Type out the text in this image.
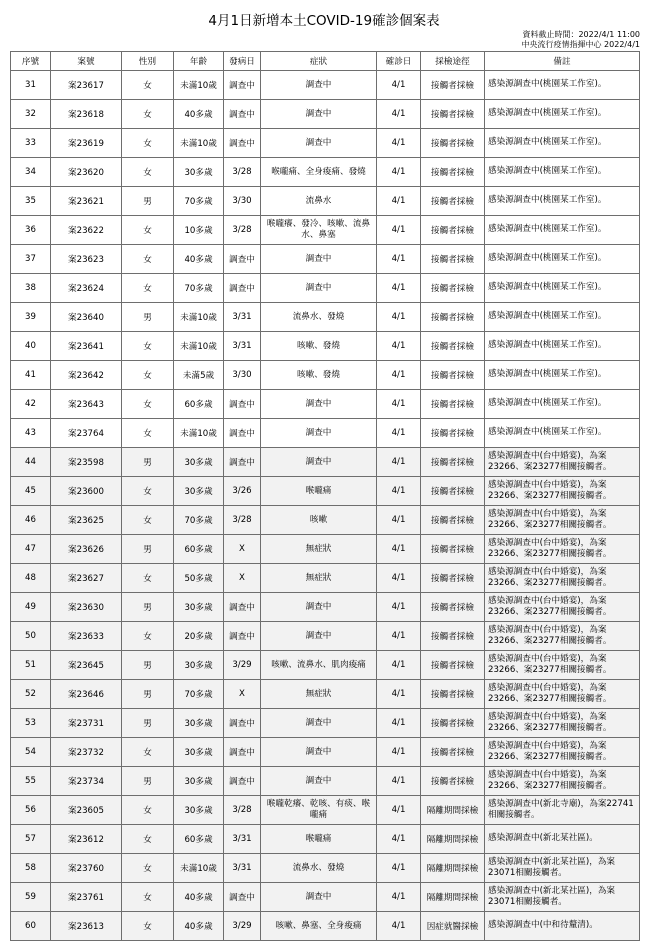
4月1日新增本土COVID-19確診個案表
資料截止時間：2022/4/1 11:00
中央流行疫情指揮中心 2022/4/1
序號	案號	性別	年齡	發病日	症狀	確診日	採檢途徑	備註
31	案23617	女	未滿10歲	調查中	調查中	4/1	接觸者採檢	感染源調查中(桃園某工作室)。
32	案23618	女	40多歲	調查中	調查中	4/1	接觸者採檢	感染源調查中(桃園某工作室)。
33	案23619	女	未滿10歲	調查中	調查中	4/1	接觸者採檢	感染源調查中(桃園某工作室)。
34	案23620	女	30多歲	3/28	喉嚨痛、全身痠痛、發燒	4/1	接觸者採檢	感染源調查中(桃園某工作室)。
35	案23621	男	70多歲	3/30	流鼻水	4/1	接觸者採檢	感染源調查中(桃園某工作室)。
36	案23622	女	10多歲	3/28	喉嚨癢、發冷、咳嗽、流鼻水、鼻塞	4/1	接觸者採檢	感染源調查中(桃園某工作室)。
37	案23623	女	40多歲	調查中	調查中	4/1	接觸者採檢	感染源調查中(桃園某工作室)。
38	案23624	女	70多歲	調查中	調查中	4/1	接觸者採檢	感染源調查中(桃園某工作室)。
39	案23640	男	未滿10歲	3/31	流鼻水、發燒	4/1	接觸者採檢	感染源調查中(桃園某工作室)。
40	案23641	女	未滿10歲	3/31	咳嗽、發燒	4/1	接觸者採檢	感染源調查中(桃園某工作室)。
41	案23642	女	未滿5歲	3/30	咳嗽、發燒	4/1	接觸者採檢	感染源調查中(桃園某工作室)。
42	案23643	女	60多歲	調查中	調查中	4/1	接觸者採檢	感染源調查中(桃園某工作室)。
43	案23764	女	未滿10歲	調查中	調查中	4/1	接觸者採檢	感染源調查中(桃園某工作室)。
44	案23598	男	30多歲	調查中	調查中	4/1	接觸者採檢	感染源調查中(台中婚宴)，為案23266、案23277相關接觸者。
45	案23600	女	30多歲	3/26	喉嚨痛	4/1	接觸者採檢	感染源調查中(台中婚宴)，為案23266、案23277相關接觸者。
46	案23625	女	70多歲	3/28	咳嗽	4/1	接觸者採檢	感染源調查中(台中婚宴)，為案23266、案23277相關接觸者。
47	案23626	男	60多歲	X	無症狀	4/1	接觸者採檢	感染源調查中(台中婚宴)，為案23266、案23277相關接觸者。
48	案23627	女	50多歲	X	無症狀	4/1	接觸者採檢	感染源調查中(台中婚宴)，為案23266、案23277相關接觸者。
49	案23630	男	30多歲	調查中	調查中	4/1	接觸者採檢	感染源調查中(台中婚宴)，為案23266、案23277相關接觸者。
50	案23633	女	20多歲	調查中	調查中	4/1	接觸者採檢	感染源調查中(台中婚宴)，為案23266、案23277相關接觸者。
51	案23645	男	30多歲	3/29	咳嗽、流鼻水、肌肉痠痛	4/1	接觸者採檢	感染源調查中(台中婚宴)，為案23266、案23277相關接觸者。
52	案23646	男	70多歲	X	無症狀	4/1	接觸者採檢	感染源調查中(台中婚宴)，為案23266、案23277相關接觸者。
53	案23731	男	30多歲	調查中	調查中	4/1	接觸者採檢	感染源調查中(台中婚宴)，為案23266、案23277相關接觸者。
54	案23732	女	30多歲	調查中	調查中	4/1	接觸者採檢	感染源調查中(台中婚宴)，為案23266、案23277相關接觸者。
55	案23734	男	30多歲	調查中	調查中	4/1	接觸者採檢	感染源調查中(台中婚宴)，為案23266、案23277相關接觸者。
56	案23605	女	30多歲	3/28	喉嚨乾癢、乾咳、有痰、喉嚨痛	4/1	隔離期間採檢	感染源調查中(新北寺廟)，為案22741相關接觸者。
57	案23612	女	60多歲	3/31	喉嚨痛	4/1	隔離期間採檢	感染源調查中(新北某社區)。
58	案23760	女	未滿10歲	3/31	流鼻水、發燒	4/1	隔離期間採檢	感染源調查中(新北某社區)，為案23071相關接觸者。
59	案23761	女	40多歲	調查中	調查中	4/1	隔離期間採檢	感染源調查中(新北某社區)，為案23071相關接觸者。
60	案23613	女	40多歲	3/29	咳嗽、鼻塞、全身痠痛	4/1	因症就醫採檢	感染源調查中(中和待釐清)。
